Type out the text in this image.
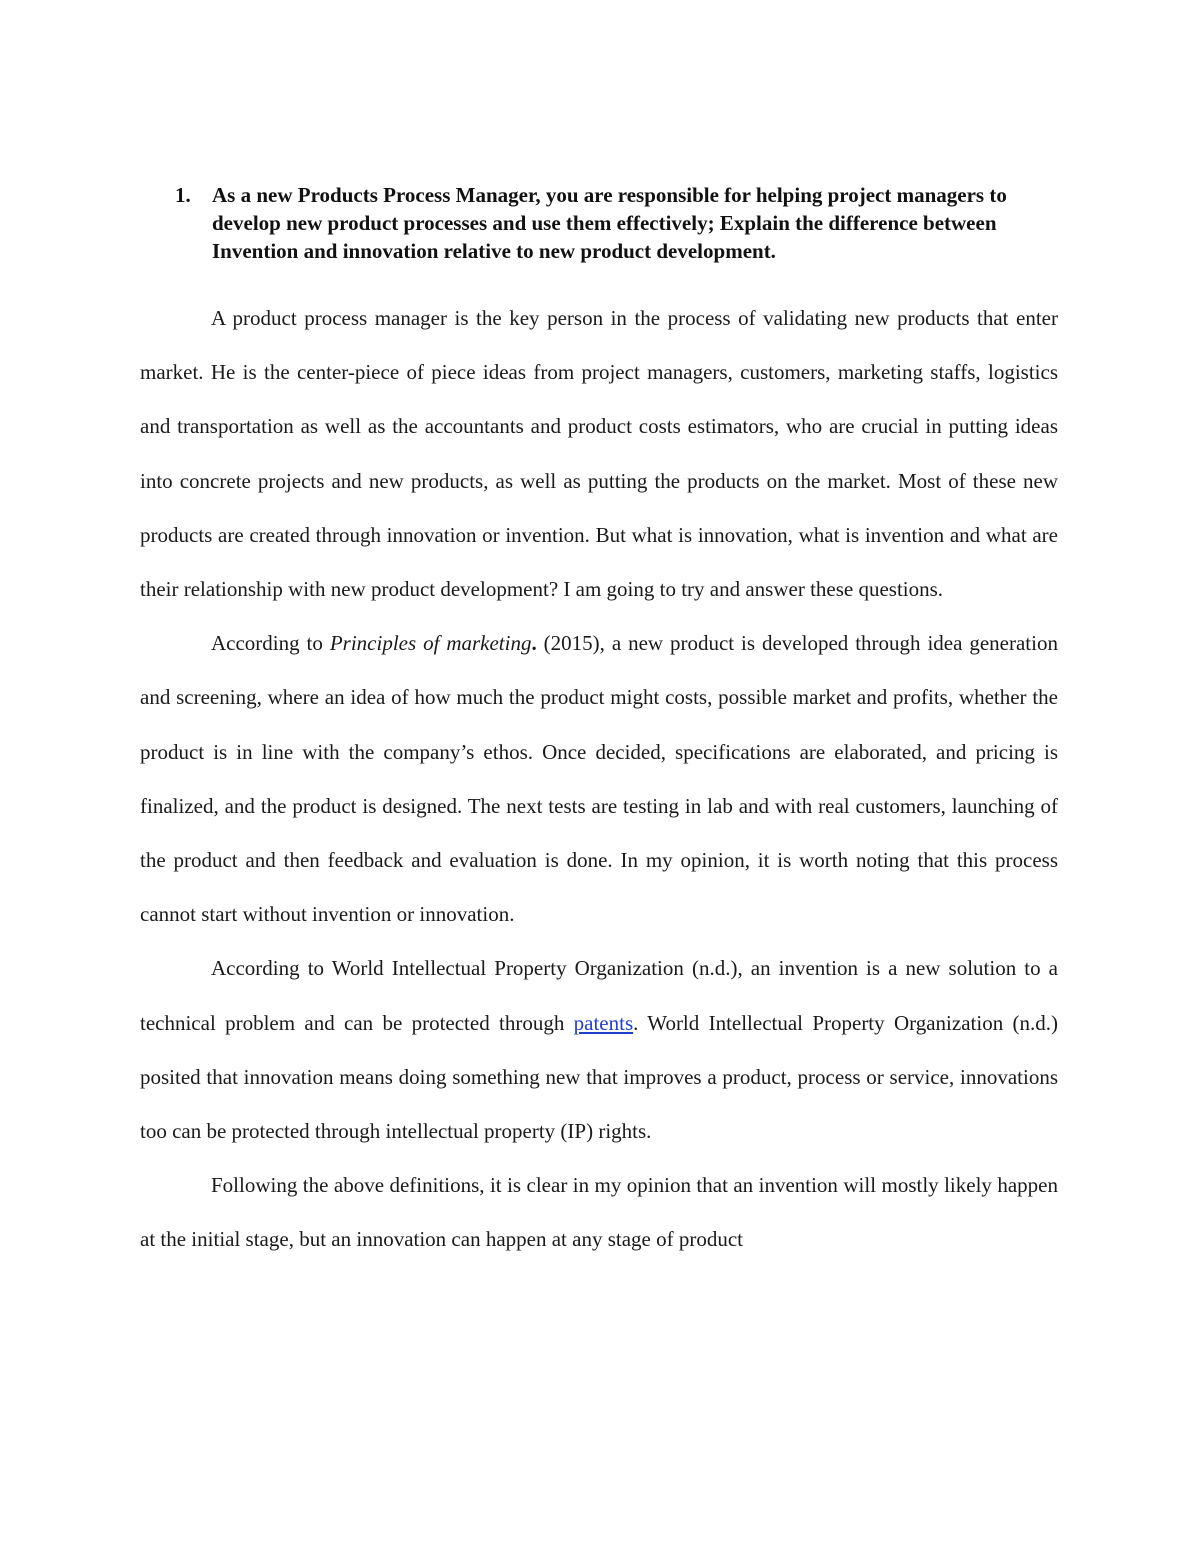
1. As a new Products Process Manager, you are responsible for helping project managers to develop new product processes and use them effectively; Explain the difference between Invention and innovation relative to new product development.

A product process manager is the key person in the process of validating new products that enter market. He is the center-piece of piece ideas from project managers, customers, marketing staffs, logistics and transportation as well as the accountants and product costs estimators, who are crucial in putting ideas into concrete projects and new products, as well as putting the products on the market. Most of these new products are created through innovation or invention. But what is innovation, what is invention and what are their relationship with new product development? I am going to try and answer these questions.

According to Principles of marketing. (2015), a new product is developed through idea generation and screening, where an idea of how much the product might costs, possible market and profits, whether the product is in line with the company’s ethos. Once decided, specifications are elaborated, and pricing is finalized, and the product is designed. The next tests are testing in lab and with real customers, launching of the product and then feedback and evaluation is done. In my opinion, it is worth noting that this process cannot start without invention or innovation.

According to World Intellectual Property Organization (n.d.), an invention is a new solution to a technical problem and can be protected through patents. World Intellectual Property Organization (n.d.) posited that innovation means doing something new that improves a product, process or service, innovations too can be protected through intellectual property (IP) rights.

Following the above definitions, it is clear in my opinion that an invention will mostly likely happen at the initial stage, but an innovation can happen at any stage of product
